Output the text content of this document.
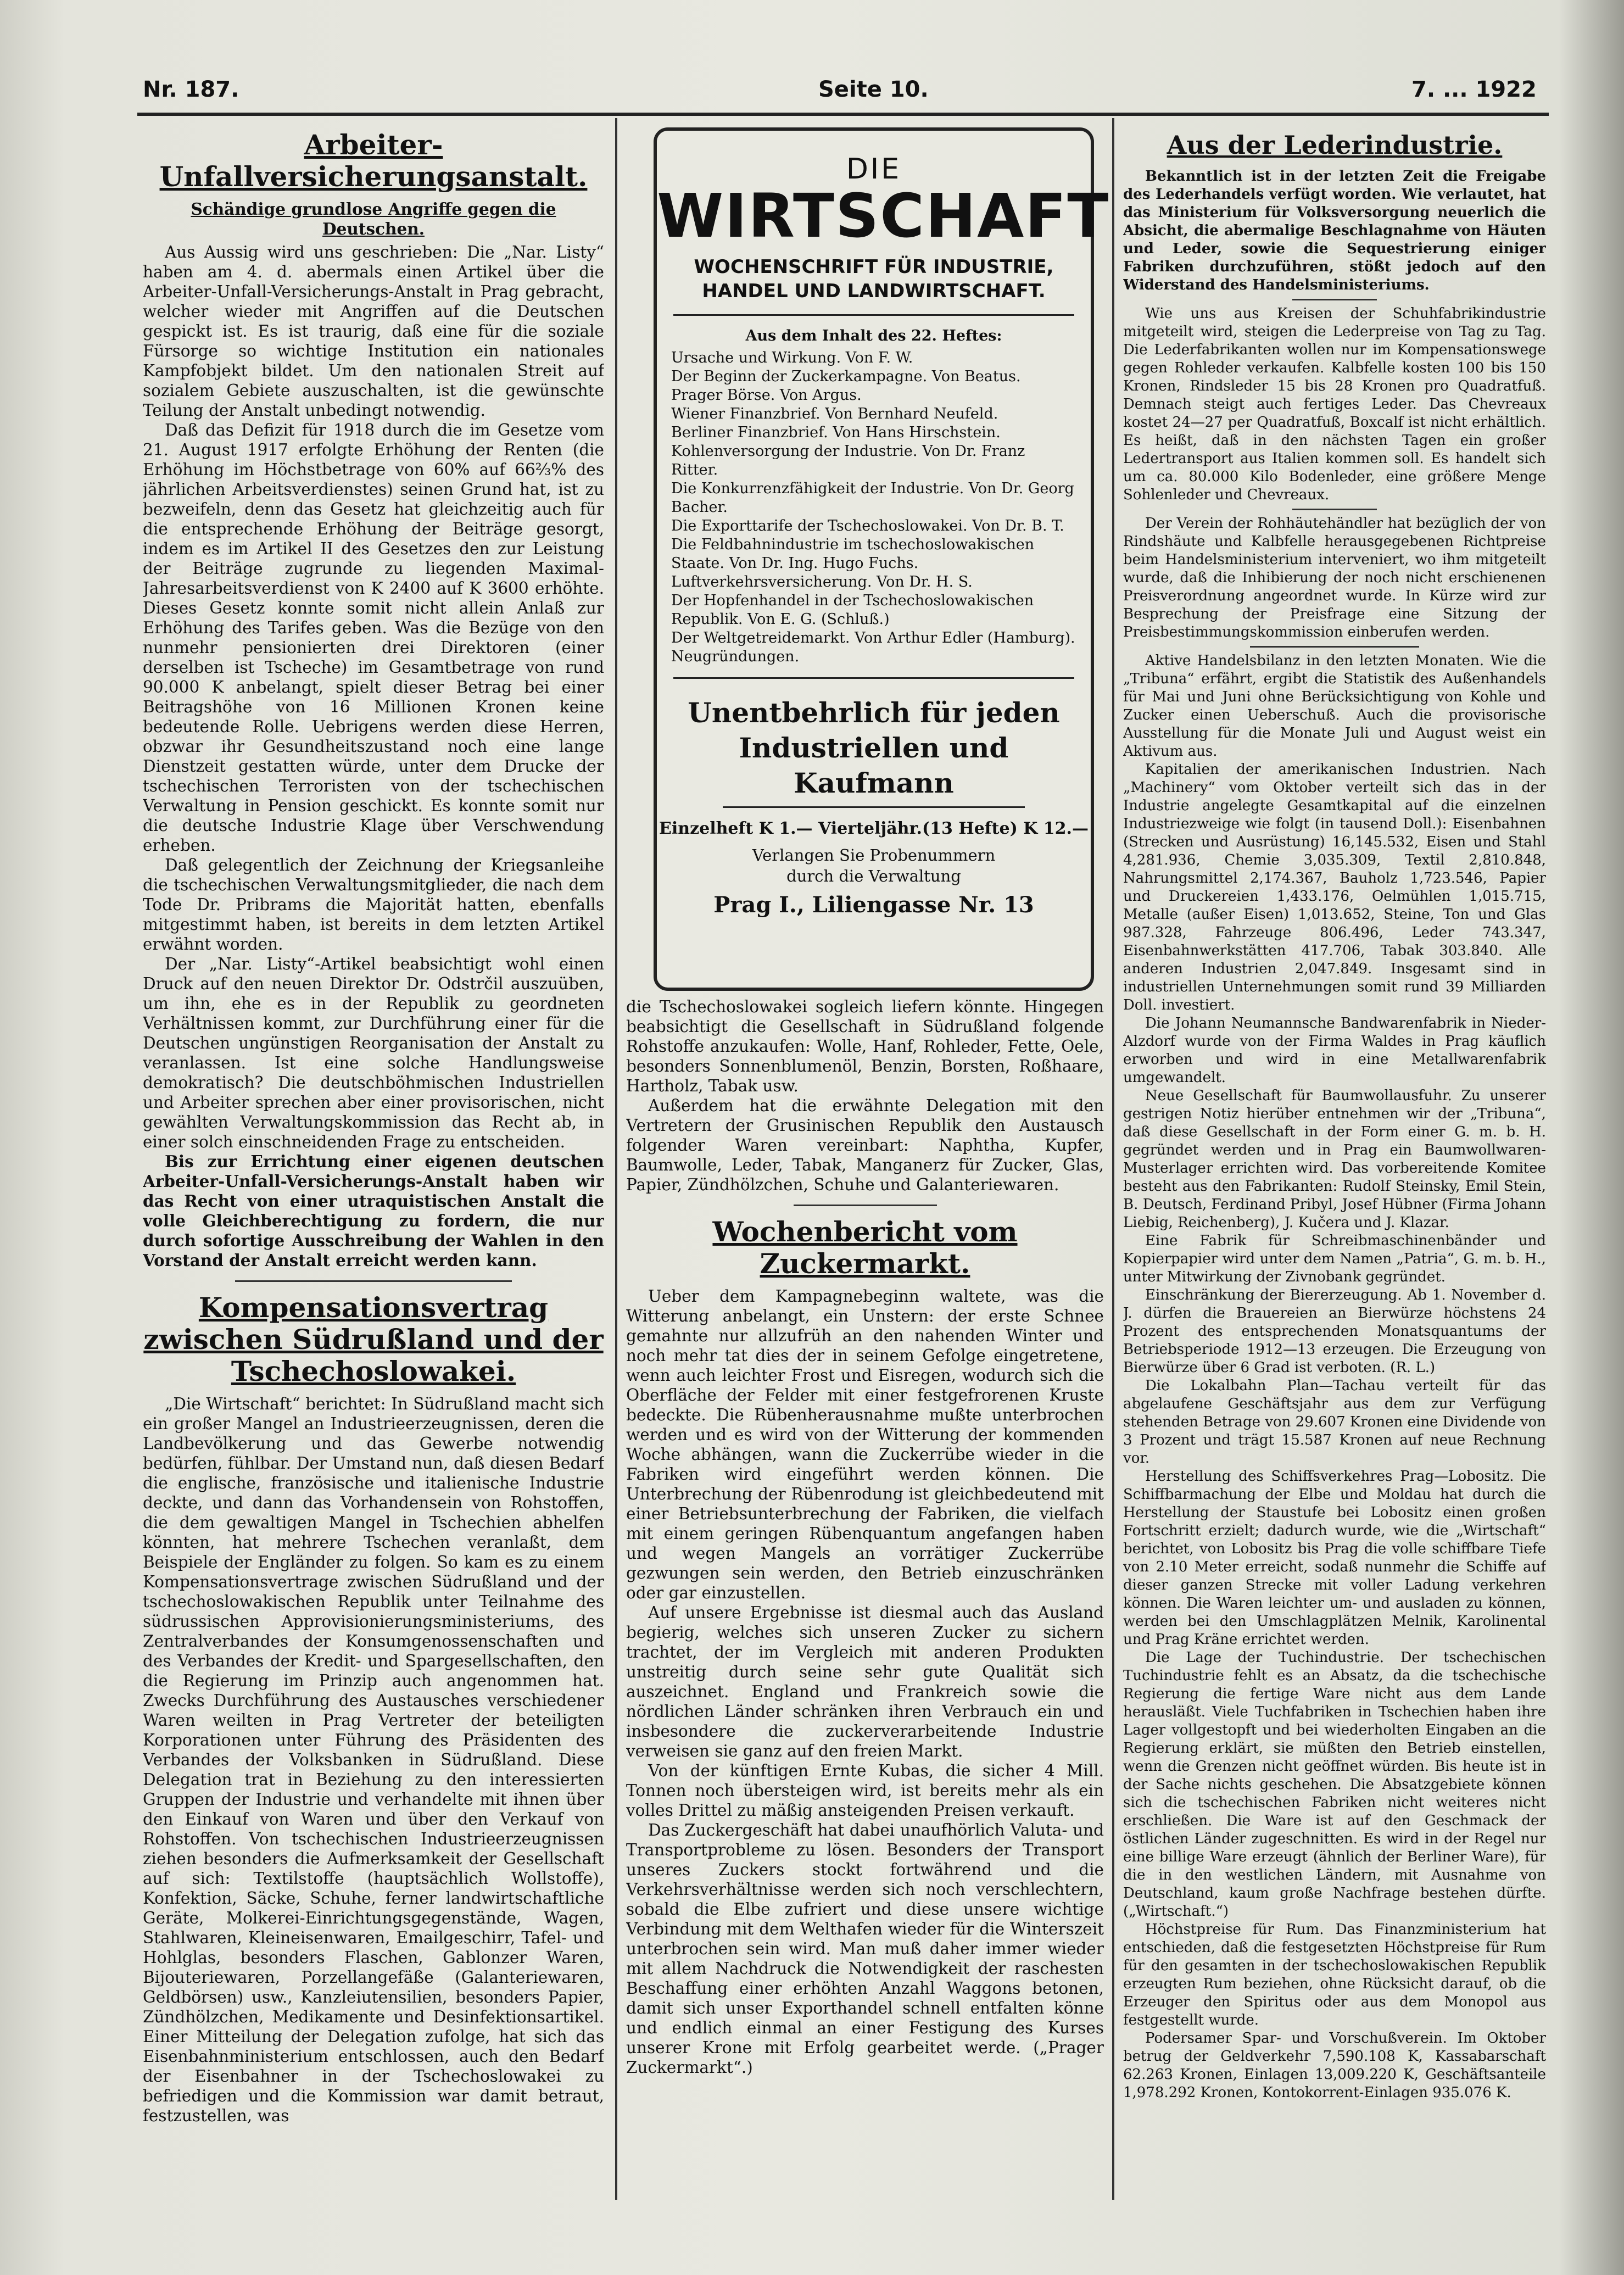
Nr. 187.	Seite 10.	7. ... 1922
Arbeiter-Unfallversicherungsanstalt.
Schändige grundlose Angriffe gegen die Deutschen.

Aus Aussig wird uns geschrieben: Die „Nar. Listy“ haben am 4. d. abermals einen Artikel über die Arbeiter-Unfall-Versicherungs-Anstalt in Prag gebracht, welcher wieder mit Angriffen auf die Deutschen gespickt ist. Es ist traurig, daß eine für die soziale Fürsorge so wichtige Institution ein nationales Kampfobjekt bildet. Um den nationalen Streit auf sozialem Gebiete auszuschalten, ist die gewünschte Teilung der Anstalt unbedingt notwendig.

Daß das Defizit für 1918 durch die im Gesetze vom 21. August 1917 erfolgte Erhöhung der Renten (die Erhöhung im Höchstbetrage von 60% auf 66⅔% des jährlichen Arbeitsverdienstes) seinen Grund hat, ist zu bezweifeln, denn das Gesetz hat gleichzeitig auch für die entsprechende Erhöhung der Beiträge gesorgt, indem es im Artikel II des Gesetzes den zur Leistung der Beiträge zugrunde zu liegenden Maximal-Jahresarbeitsverdienst von K 2400 auf K 3600 erhöhte. Dieses Gesetz konnte somit nicht allein Anlaß zur Erhöhung des Tarifes geben. Was die Bezüge von den nunmehr pensionierten drei Direktoren (einer derselben ist Tscheche) im Gesamtbetrage von rund 90.000 K anbelangt, spielt dieser Betrag bei einer Beitragshöhe von 16 Millionen Kronen keine bedeutende Rolle. Uebrigens werden diese Herren, obzwar ihr Gesundheitszustand noch eine lange Dienstzeit gestatten würde, unter dem Drucke der tschechischen Terroristen von der tschechischen Verwaltung in Pension geschickt. Es konnte somit nur die deutsche Industrie Klage über Verschwendung erheben.

Daß gelegentlich der Zeichnung der Kriegsanleihe die tschechischen Verwaltungsmitglieder, die nach dem Tode Dr. Pribrams die Majorität hatten, ebenfalls mitgestimmt haben, ist bereits in dem letzten Artikel erwähnt worden.

Der „Nar. Listy“-Artikel beabsichtigt wohl einen Druck auf den neuen Direktor Dr. Odstrčil auszuüben, um ihn, ehe es in der Republik zu geordneten Verhältnissen kommt, zur Durchführung einer für die Deutschen ungünstigen Reorganisation der Anstalt zu veranlassen. Ist eine solche Handlungsweise demokratisch? Die deutschböhmischen Industriellen und Arbeiter sprechen aber einer provisorischen, nicht gewählten Verwaltungskommission das Recht ab, in einer solch einschneidenden Frage zu entscheiden.

Bis zur Errichtung einer eigenen deutschen Arbeiter-Unfall-Versicherungs-Anstalt haben wir das Recht von einer utraquistischen Anstalt die volle Gleichberechtigung zu fordern, die nur durch sofortige Ausschreibung der Wahlen in den Vorstand der Anstalt erreicht werden kann.

Kompensationsvertrag zwischen Südrußland und der Tschechoslowakei.

„Die Wirtschaft“ berichtet: In Südrußland macht sich ein großer Mangel an Industrieerzeugnissen, deren die Landbevölkerung und das Gewerbe notwendig bedürfen, fühlbar. Der Umstand nun, daß diesen Bedarf die englische, französische und italienische Industrie deckte, und dann das Vorhandensein von Rohstoffen, die dem gewaltigen Mangel in Tschechien abhelfen könnten, hat mehrere Tschechen veranlaßt, dem Beispiele der Engländer zu folgen. So kam es zu einem Kompensationsvertrage zwischen Südrußland und der tschechoslowakischen Republik unter Teilnahme des südrussischen Approvisionierungsministeriums, des Zentralverbandes der Konsumgenossenschaften und des Verbandes der Kredit- und Spargesellschaften, den die Regierung im Prinzip auch angenommen hat. Zwecks Durchführung des Austausches verschiedener Waren weilten in Prag Vertreter der beteiligten Korporationen unter Führung des Präsidenten des Verbandes der Volksbanken in Südrußland. Diese Delegation trat in Beziehung zu den interessierten Gruppen der Industrie und verhandelte mit ihnen über den Einkauf von Waren und über den Verkauf von Rohstoffen. Von tschechischen Industrieerzeugnissen ziehen besonders die Aufmerksamkeit der Gesellschaft auf sich: Textilstoffe (hauptsächlich Wollstoffe), Konfektion, Säcke, Schuhe, ferner landwirtschaftliche Geräte, Molkerei-Einrichtungsgegenstände, Wagen, Stahlwaren, Kleineisenwaren, Emailgeschirr, Tafel- und Hohlglas, besonders Flaschen, Gablonzer Waren, Bijouteriewaren, Porzellangefäße (Galanteriewaren, Geldbörsen) usw., Kanzleiutensilien, besonders Papier, Zündhölzchen, Medikamente und Desinfektionsartikel. Einer Mitteilung der Delegation zufolge, hat sich das Eisenbahnministerium entschlossen, auch den Bedarf der Eisenbahner in der Tschechoslowakei zu befriedigen und die Kommission war damit betraut, festzustellen, was

DIE
WIRTSCHAFT
WOCHENSCHRIFT FÜR INDUSTRIE,
HANDEL UND LANDWIRTSCHAFT.
Aus dem Inhalt des 22. Heftes:
Ursache und Wirkung. Von F. W.
Der Beginn der Zuckerkampagne. Von Beatus.
Prager Börse. Von Argus.
Wiener Finanzbrief. Von Bernhard Neufeld.
Berliner Finanzbrief. Von Hans Hirschstein.
Kohlenversorgung der Industrie. Von Dr. Franz Ritter.
Die Konkurrenzfähigkeit der Industrie. Von Dr. Georg Bacher.
Die Exporttarife der Tschechoslowakei. Von Dr. B. T.
Die Feldbahnindustrie im tschechoslowakischen Staate. Von Dr. Ing. Hugo Fuchs.
Luftverkehrsversicherung. Von Dr. H. S.
Der Hopfenhandel in der Tschechoslowakischen Republik. Von E. G. (Schluß.)
Der Weltgetreidemarkt. Von Arthur Edler (Hamburg).
Neugründungen.
Unentbehrlich für jeden Industriellen und Kaufmann
Einzelheft K 1.— Vierteljähr.(13 Hefte) K 12.—
Verlangen Sie Probenummern
durch die Verwaltung
Prag I., Liliengasse Nr. 13

die Tschechoslowakei sogleich liefern könnte. Hingegen beabsichtigt die Gesellschaft in Südrußland folgende Rohstoffe anzukaufen: Wolle, Hanf, Rohleder, Fette, Oele, besonders Sonnenblumenöl, Benzin, Borsten, Roßhaare, Hartholz, Tabak usw.

Außerdem hat die erwähnte Delegation mit den Vertretern der Grusinischen Republik den Austausch folgender Waren vereinbart: Naphtha, Kupfer, Baumwolle, Leder, Tabak, Manganerz für Zucker, Glas, Papier, Zündhölzchen, Schuhe und Galanteriewaren.

Wochenbericht vom Zuckermarkt.

Ueber dem Kampagnebeginn waltete, was die Witterung anbelangt, ein Unstern: der erste Schnee gemahnte nur allzufrüh an den nahenden Winter und noch mehr tat dies der in seinem Gefolge eingetretene, wenn auch leichter Frost und Eisregen, wodurch sich die Oberfläche der Felder mit einer festgefrorenen Kruste bedeckte. Die Rübenherausnahme mußte unterbrochen werden und es wird von der Witterung der kommenden Woche abhängen, wann die Zuckerrübe wieder in die Fabriken wird eingeführt werden können. Die Unterbrechung der Rübenrodung ist gleichbedeutend mit einer Betriebsunterbrechung der Fabriken, die vielfach mit einem geringen Rübenquantum angefangen haben und wegen Mangels an vorrätiger Zuckerrübe gezwungen sein werden, den Betrieb einzuschränken oder gar einzustellen.

Auf unsere Ergebnisse ist diesmal auch das Ausland begierig, welches sich unseren Zucker zu sichern trachtet, der im Vergleich mit anderen Produkten unstreitig durch seine sehr gute Qualität sich auszeichnet. England und Frankreich sowie die nördlichen Länder schränken ihren Verbrauch ein und insbesondere die zuckerverarbeitende Industrie verweisen sie ganz auf den freien Markt.

Von der künftigen Ernte Kubas, die sicher 4 Mill. Tonnen noch übersteigen wird, ist bereits mehr als ein volles Drittel zu mäßig ansteigenden Preisen verkauft.

Das Zuckergeschäft hat dabei unaufhörlich Valuta- und Transportprobleme zu lösen. Besonders der Transport unseres Zuckers stockt fortwährend und die Verkehrsverhältnisse werden sich noch verschlechtern, sobald die Elbe zufriert und diese unsere wichtige Verbindung mit dem Welthafen wieder für die Winterszeit unterbrochen sein wird. Man muß daher immer wieder mit allem Nachdruck die Notwendigkeit der raschesten Beschaffung einer erhöhten Anzahl Waggons betonen, damit sich unser Exporthandel schnell entfalten könne und endlich einmal an einer Festigung des Kurses unserer Krone mit Erfolg gearbeitet werde. („Prager Zuckermarkt“.)

Aus der Lederindustrie.

Bekanntlich ist in der letzten Zeit die Freigabe des Lederhandels verfügt worden. Wie verlautet, hat das Ministerium für Volksversorgung neuerlich die Absicht, die abermalige Beschlagnahme von Häuten und Leder, sowie die Sequestrierung einiger Fabriken durchzuführen, stößt jedoch auf den Widerstand des Handelsministeriums.

Wie uns aus Kreisen der Schuhfabrikindustrie mitgeteilt wird, steigen die Lederpreise von Tag zu Tag. Die Lederfabrikanten wollen nur im Kompensationswege gegen Rohleder verkaufen. Kalbfelle kosten 100 bis 150 Kronen, Rindsleder 15 bis 28 Kronen pro Quadratfuß. Demnach steigt auch fertiges Leder. Das Chevreaux kostet 24—27 per Quadratfuß, Boxcalf ist nicht erhältlich. Es heißt, daß in den nächsten Tagen ein großer Ledertransport aus Italien kommen soll. Es handelt sich um ca. 80.000 Kilo Bodenleder, eine größere Menge Sohlenleder und Chevreaux.

Der Verein der Rohhäutehändler hat bezüglich der von Rindshäute und Kalbfelle herausgegebenen Richtpreise beim Handelsministerium interveniert, wo ihm mitgeteilt wurde, daß die Inhibierung der noch nicht erschienenen Preisverordnung angeordnet wurde. In Kürze wird zur Besprechung der Preisfrage eine Sitzung der Preisbestimmungskommission einberufen werden.

Aktive Handelsbilanz in den letzten Monaten. Wie die „Tribuna“ erfährt, ergibt die Statistik des Außenhandels für Mai und Juni ohne Berücksichtigung von Kohle und Zucker einen Ueberschuß. Auch die provisorische Ausstellung für die Monate Juli und August weist ein Aktivum aus.

Kapitalien der amerikanischen Industrien. Nach „Machinery“ vom Oktober verteilt sich das in der Industrie angelegte Gesamtkapital auf die einzelnen Industriezweige wie folgt (in tausend Doll.): Eisenbahnen (Strecken und Ausrüstung) 16,145.532, Eisen und Stahl 4,281.936, Chemie 3,035.309, Textil 2,810.848, Nahrungsmittel 2,174.367, Bauholz 1,723.546, Papier und Druckereien 1,433.176, Oelmühlen 1,015.715, Metalle (außer Eisen) 1,013.652, Steine, Ton und Glas 987.328, Fahrzeuge 806.496, Leder 743.347, Eisenbahnwerkstätten 417.706, Tabak 303.840. Alle anderen Industrien 2,047.849. Insgesamt sind in industriellen Unternehmungen somit rund 39 Milliarden Doll. investiert.

Die Johann Neumannsche Bandwarenfabrik in Nieder-Alzdorf wurde von der Firma Waldes in Prag käuflich erworben und wird in eine Metallwarenfabrik umgewandelt.

Neue Gesellschaft für Baumwollausfuhr. Zu unserer gestrigen Notiz hierüber entnehmen wir der „Tribuna“, daß diese Gesellschaft in der Form einer G. m. b. H. gegründet werden und in Prag ein Baumwollwaren-Musterlager errichten wird. Das vorbereitende Komitee besteht aus den Fabrikanten: Rudolf Steinsky, Emil Stein, B. Deutsch, Ferdinand Pribyl, Josef Hübner (Firma Johann Liebig, Reichenberg), J. Kučera und J. Klazar.

Eine Fabrik für Schreibmaschinenbänder und Kopierpapier wird unter dem Namen „Patria“, G. m. b. H., unter Mitwirkung der Zivnobank gegründet.

Einschränkung der Biererzeugung. Ab 1. November d. J. dürfen die Brauereien an Bierwürze höchstens 24 Prozent des entsprechenden Monatsquantums der Betriebsperiode 1912—13 erzeugen. Die Erzeugung von Bierwürze über 6 Grad ist verboten. (R. L.)

Die Lokalbahn Plan—Tachau verteilt für das abgelaufene Geschäftsjahr aus dem zur Verfügung stehenden Betrage von 29.607 Kronen eine Dividende von 3 Prozent und trägt 15.587 Kronen auf neue Rechnung vor.

Herstellung des Schiffsverkehres Prag—Lobositz. Die Schiffbarmachung der Elbe und Moldau hat durch die Herstellung der Staustufe bei Lobositz einen großen Fortschritt erzielt; dadurch wurde, wie die „Wirtschaft“ berichtet, von Lobositz bis Prag die volle schiffbare Tiefe von 2.10 Meter erreicht, sodaß nunmehr die Schiffe auf dieser ganzen Strecke mit voller Ladung verkehren können. Die Waren leichter um- und ausladen zu können, werden bei den Umschlagplätzen Melnik, Karolinental und Prag Kräne errichtet werden.

Die Lage der Tuchindustrie. Der tschechischen Tuchindustrie fehlt es an Absatz, da die tschechische Regierung die fertige Ware nicht aus dem Lande herausläßt. Viele Tuchfabriken in Tschechien haben ihre Lager vollgestopft und bei wiederholten Eingaben an die Regierung erklärt, sie müßten den Betrieb einstellen, wenn die Grenzen nicht geöffnet würden. Bis heute ist in der Sache nichts geschehen. Die Absatzgebiete können sich die tschechischen Fabriken nicht weiteres nicht erschließen. Die Ware ist auf den Geschmack der östlichen Länder zugeschnitten. Es wird in der Regel nur eine billige Ware erzeugt (ähnlich der Berliner Ware), für die in den westlichen Ländern, mit Ausnahme von Deutschland, kaum große Nachfrage bestehen dürfte. („Wirtschaft.“)

Höchstpreise für Rum. Das Finanzministerium hat entschieden, daß die festgesetzten Höchstpreise für Rum für den gesamten in der tschechoslowakischen Republik erzeugten Rum beziehen, ohne Rücksicht darauf, ob die Erzeuger den Spiritus oder aus dem Monopol aus festgestellt wurde.

Podersamer Spar- und Vorschußverein. Im Oktober betrug der Geldverkehr 7,590.108 K, Kassabarschaft 62.263 Kronen, Einlagen 13,009.220 K, Geschäftsanteile 1,978.292 Kronen, Kontokorrent-Einlagen 935.076 K.
